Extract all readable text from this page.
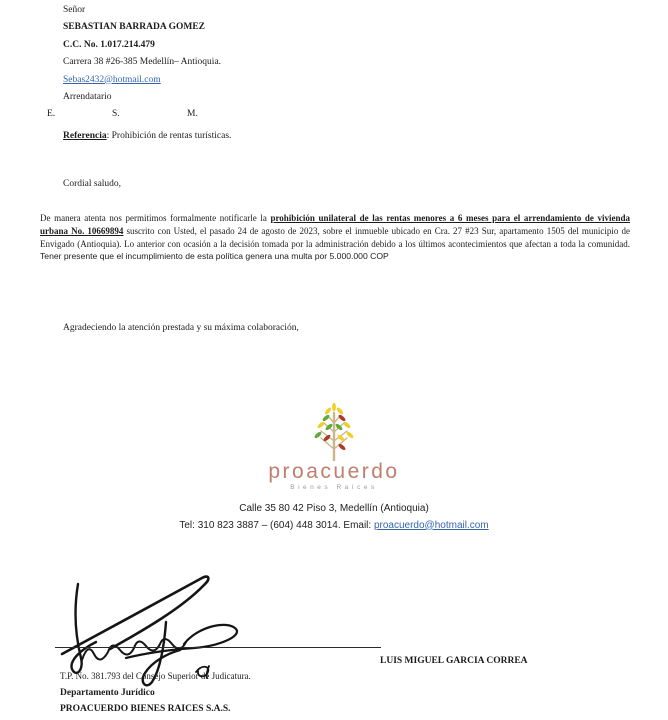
Señor
SEBASTIAN BARRADA GOMEZ
C.C. No. 1.017.214.479
Carrera 38 #26-385 Medellín– Antioquia.
Sebas2432@hotmail.com
Arrendatario
E.	S.	M.
Referencia: Prohibición de rentas turísticas.
Cordial saludo,
De manera atenta nos permitimos formalmente notificarle la prohibición unilateral de las rentas menores a 6 meses para el arrendamiento de vivienda urbana No. 10669894 suscrito con Usted, el pasado 24 de agosto de 2023, sobre el inmueble ubicado en Cra. 27 #23 Sur, apartamento 1505 del municipio de Envigado (Antioquia). Lo anterior con ocasión a la decisión tomada por la administración debido a los últimos acontecimientos que afectan a toda la comunidad. Tener presente que el incumplimiento de esta política genera una multa por 5.000.000 COP
Agradeciendo la atención prestada y su máxima colaboración,
proacuerdo
Bienes Raíces
Calle 35 80 42 Piso 3, Medellín (Antioquia)
Tel: 310 823 3887 – (604) 448 3014. Email: proacuerdo@hotmail.com
LUIS MIGUEL GARCIA CORREA
T.P. No. 381.793 del Consejo Superior de Judicatura.
Departamento Jurídico
PROACUERDO BIENES RAICES S.A.S.
